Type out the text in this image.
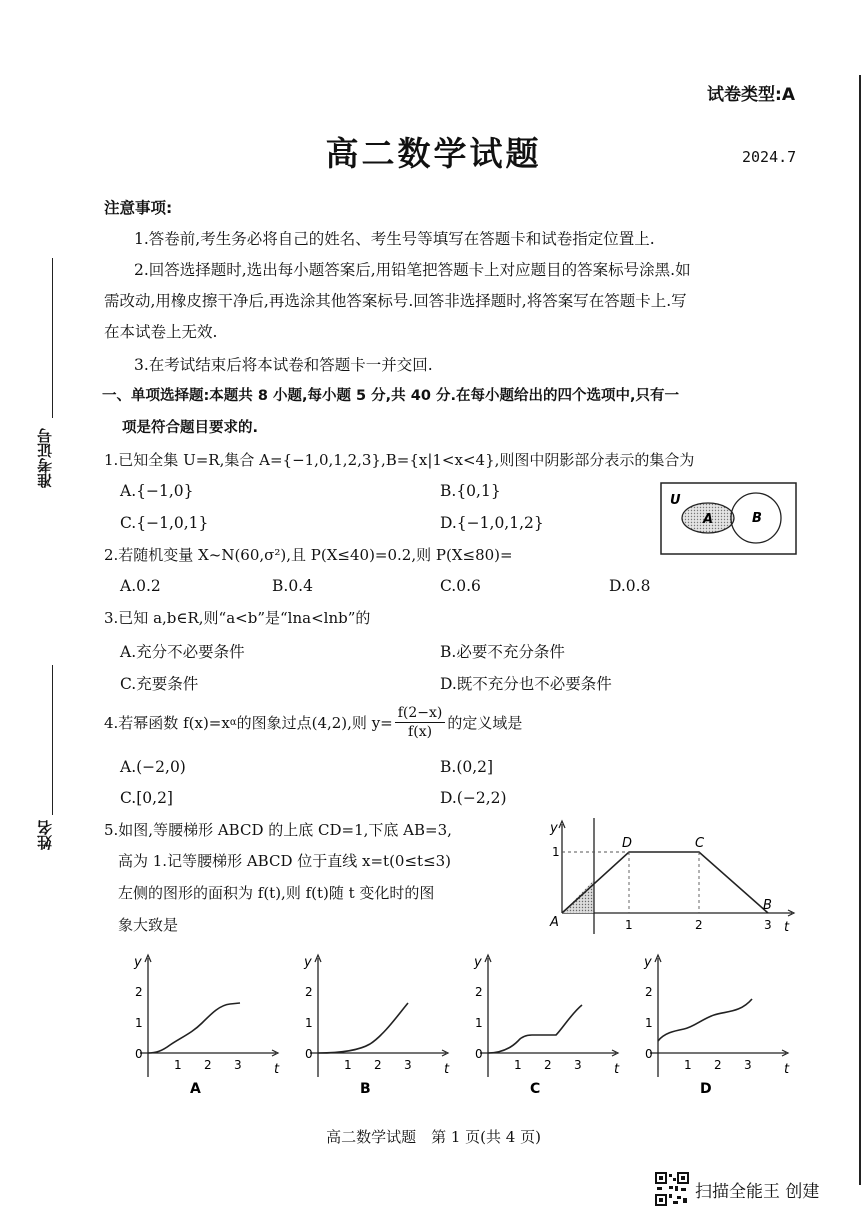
试卷类型:A
高二数学试题	2024.7
准考证号
姓名
注意事项:
1.答卷前,考生务必将自己的姓名、考生号等填写在答题卡和试卷指定位置上.
2.回答选择题时,选出每小题答案后,用铅笔把答题卡上对应题目的答案标号涂黑.如
需改动,用橡皮擦干净后,再选涂其他答案标号.回答非选择题时,将答案写在答题卡上.写
在本试卷上无效.
3.在考试结束后将本试卷和答题卡一并交回.
一、单项选择题:本题共 8 小题,每小题 5 分,共 40 分.在每小题给出的四个选项中,只有一
项是符合题目要求的.
1.已知全集 U=R,集合 A={−1,0,1,2,3},B={x|1<x<4},则图中阴影部分表示的集合为
A.{−1,0}	B.{0,1}
C.{−1,0,1}	D.{−1,0,1,2}
U
A	B
2.若随机变量 X~N(60,σ²),且 P(X≤40)=0.2,则 P(X≤80)=
A.0.2	B.0.4	C.0.6	D.0.8
3.已知 a,b∈R,则“a<b”是“lna<lnb”的
A.充分不必要条件	B.必要不充分条件
C.充要条件	D.既不充分也不必要条件
4.若幂函数 f(x)=x α 的图象过点(4,2),则 $y= \frac{f(2-x)}{f(x)}$ 的定义域是
A.(−2,0)	B.(0,2]
C.[0,2]	D.(−2,2)
5.如图,等腰梯形 ABCD 的上底 CD=1,下底 AB=3,
高为 1.记等腰梯形 ABCD 位于直线 x=t(0≤t≤3)
左侧的图形的面积为 f(t),则 f(t)随 t 变化时的图
象大致是
y
t
A
B
C
D
1
1	2	3
y
t
0
1 2 3
1
2
A
y
t
0
1 2 3
1
2
B
y
t
0
1 2 3
1
2
C
y
t
0
1 2 3
1
2
D
高二数学试题　第 1 页(共 4 页)
扫描全能王 创建
